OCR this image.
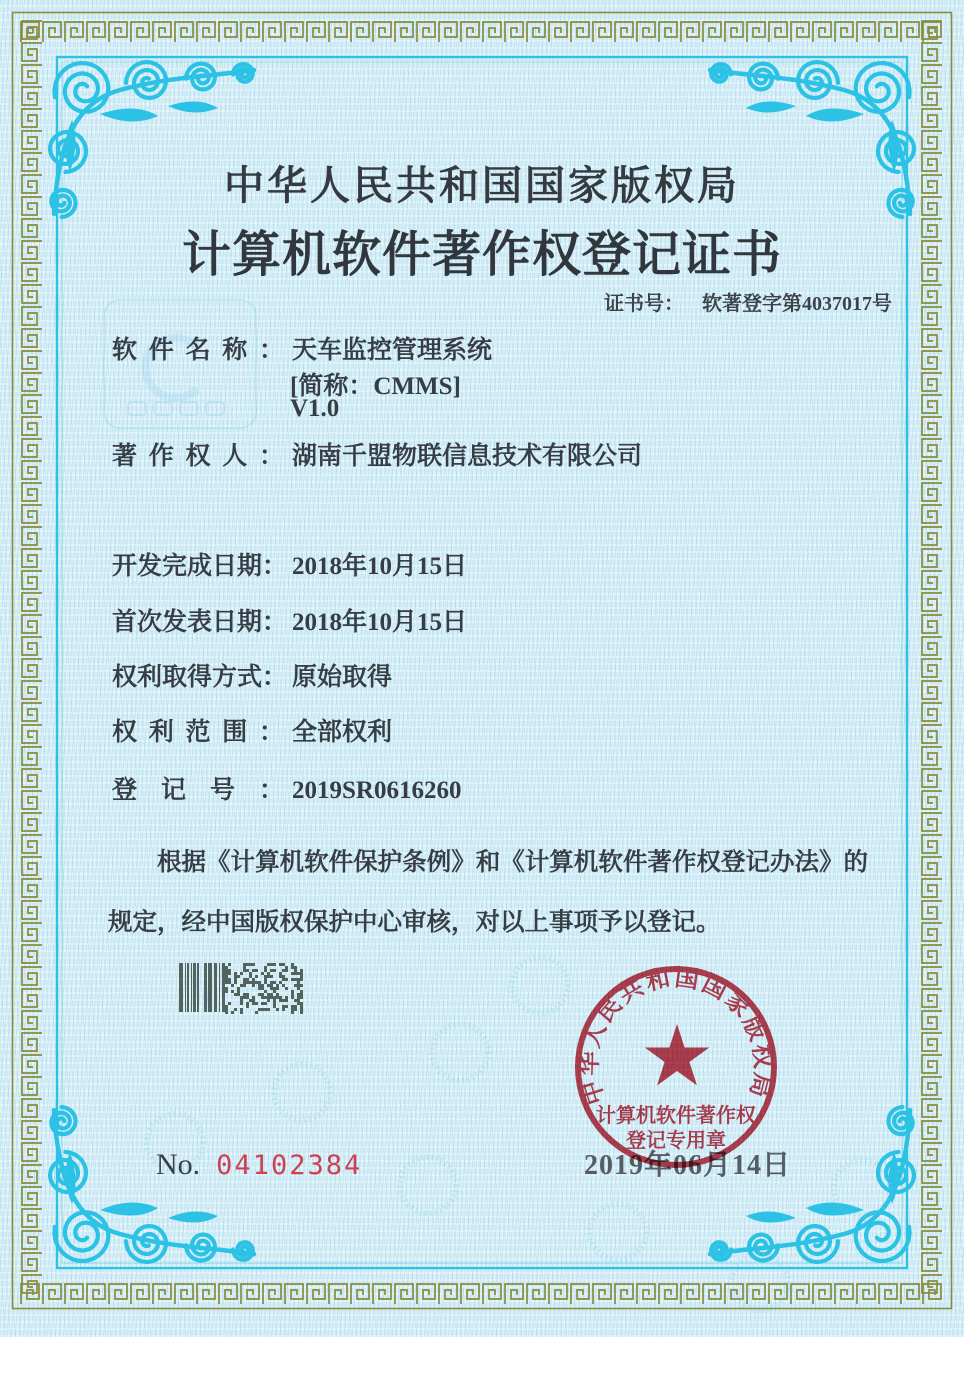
中华人民共和国国家版权局
计算机软件著作权登记证书
证书号： 软著登字第4037017号
软件名称： 天车监控管理系统
[简称：CMMS]
V1.0
著作权人： 湖南千盟物联信息技术有限公司
开发完成日期： 2018年10月15日
首次发表日期： 2018年10月15日
权利取得方式： 原始取得
权利范围： 全部权利
登记号： 2019SR0616260
根据《计算机软件保护条例》和《计算机软件著作权登记办法》的规定，经中国版权保护中心审核，对以上事项予以登记。
2019年06月14日
中华人民共和国国家版权局
计算机软件著作权
登记专用章
No. 04102384
